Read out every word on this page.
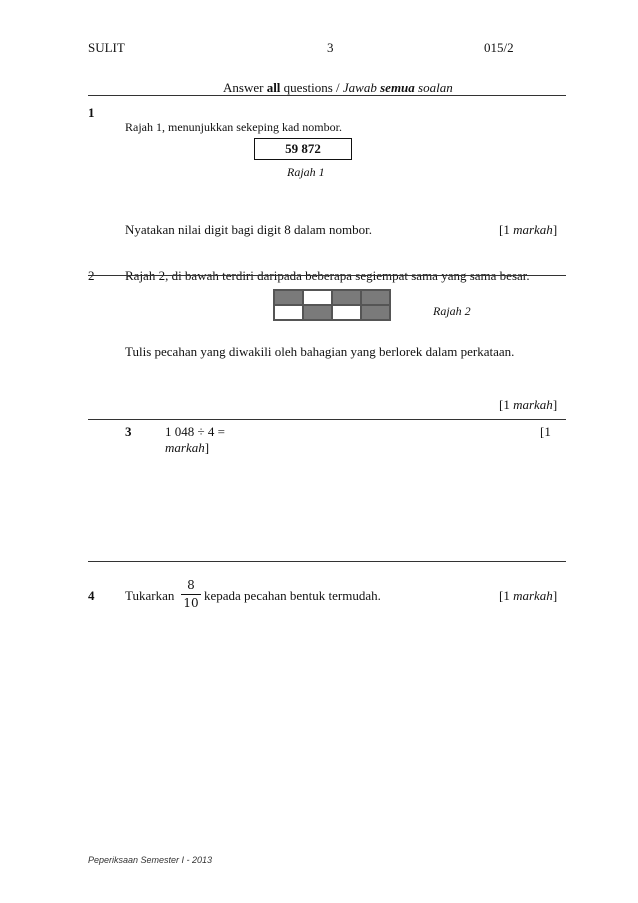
SULIT	3	015/2
Answer all questions / Jawab semua soalan
1
Rajah 1, menunjukkan sekeping kad nombor.
59 872
Rajah 1
Nyatakan nilai digit bagi digit 8 dalam nombor.	[1 markah]
2 Rajah 2, di bawah terdiri daripada beberapa segiempat sama yang sama besar.
Rajah 2
Tulis pecahan yang diwakili oleh bahagian yang berlorek dalam perkataan.
[1 markah]
3	1 048 ÷ 4 =	[1
markah]
4 Tukarkan
8
10 kepada pecahan bentuk termudah.	[1 markah]
Peperiksaan Semester I - 2013
